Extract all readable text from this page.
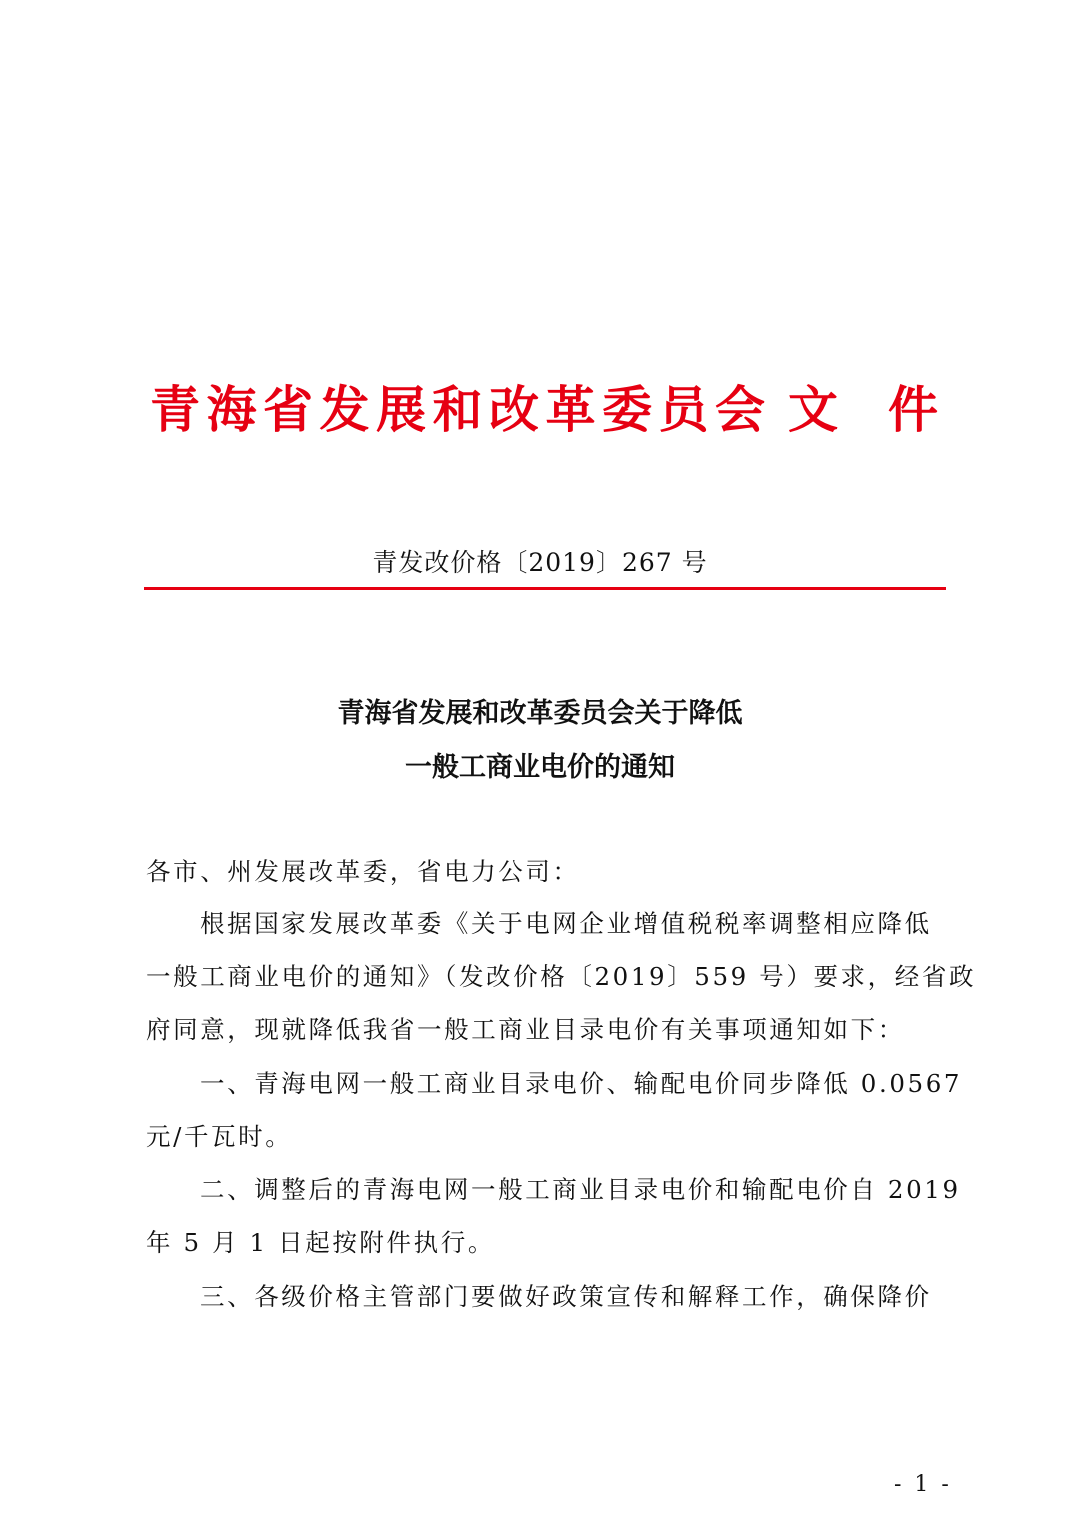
青海省发展和改革委员会 文 件
青发改价格〔2019〕267 号
青海省发展和改革委员会关于降低
一般工商业电价的通知
各市、州发展改革委，省电力公司：
根据国家发展改革委《关于电网企业增值税税率调整相应降低
一般工商业电价的通知》（发改价格〔2019〕559 号）要求，经省政
府同意，现就降低我省一般工商业目录电价有关事项通知如下：
一、青海电网一般工商业目录电价、输配电价同步降低 0.0567
元/千瓦时。
二、调整后的青海电网一般工商业目录电价和输配电价自 2019
年 5 月 1 日起按附件执行。
三、各级价格主管部门要做好政策宣传和解释工作，确保降价
- 1 -
